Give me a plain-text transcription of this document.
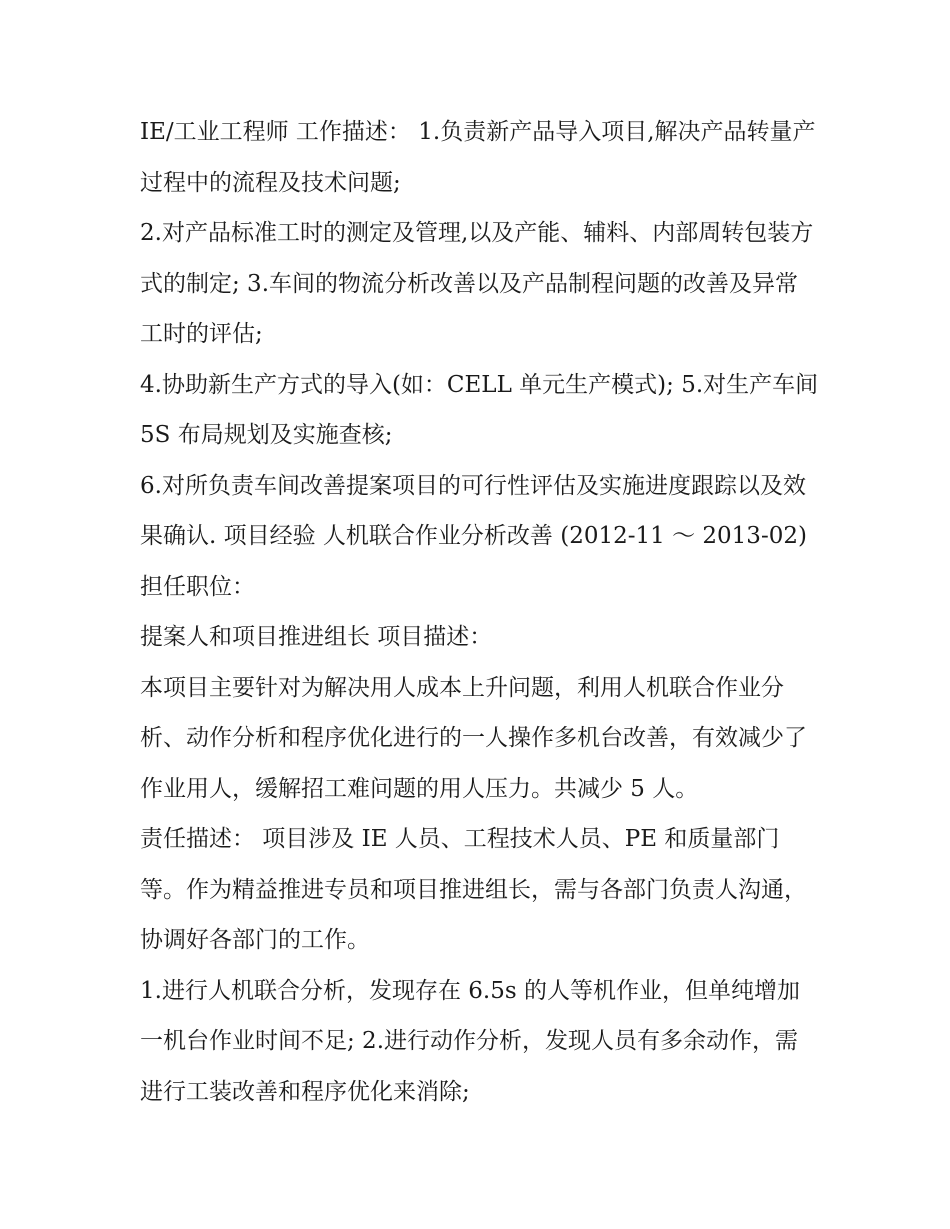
IE/工业工程师 工作描述： 1.负责新产品导入项目,解决产品转量产过程中的流程及技术问题;

2.对产品标准工时的测定及管理,以及产能、辅料、内部周转包装方式的制定; 3.车间的物流分析改善以及产品制程问题的改善及异常工时的评估;

4.协助新生产方式的导入(如：CELL 单元生产模式); 5.对生产车间 5S 布局规划及实施查核;

6.对所负责车间改善提案项目的可行性评估及实施进度跟踪以及效果确认. 项目经验 人机联合作业分析改善 (2012-11 ～ 2013-02) 担任职位：

提案人和项目推进组长 项目描述：

本项目主要针对为解决用人成本上升问题，利用人机联合作业分析、动作分析和程序优化进行的一人操作多机台改善，有效减少了作业用人，缓解招工难问题的用人压力。共减少 5 人。

责任描述： 项目涉及 IE 人员、工程技术人员、PE 和质量部门等。作为精益推进专员和项目推进组长，需与各部门负责人沟通，协调好各部门的工作。

1.进行人机联合分析，发现存在 6.5s 的人等机作业，但单纯增加一机台作业时间不足; 2.进行动作分析，发现人员有多余动作，需进行工装改善和程序优化来消除;
